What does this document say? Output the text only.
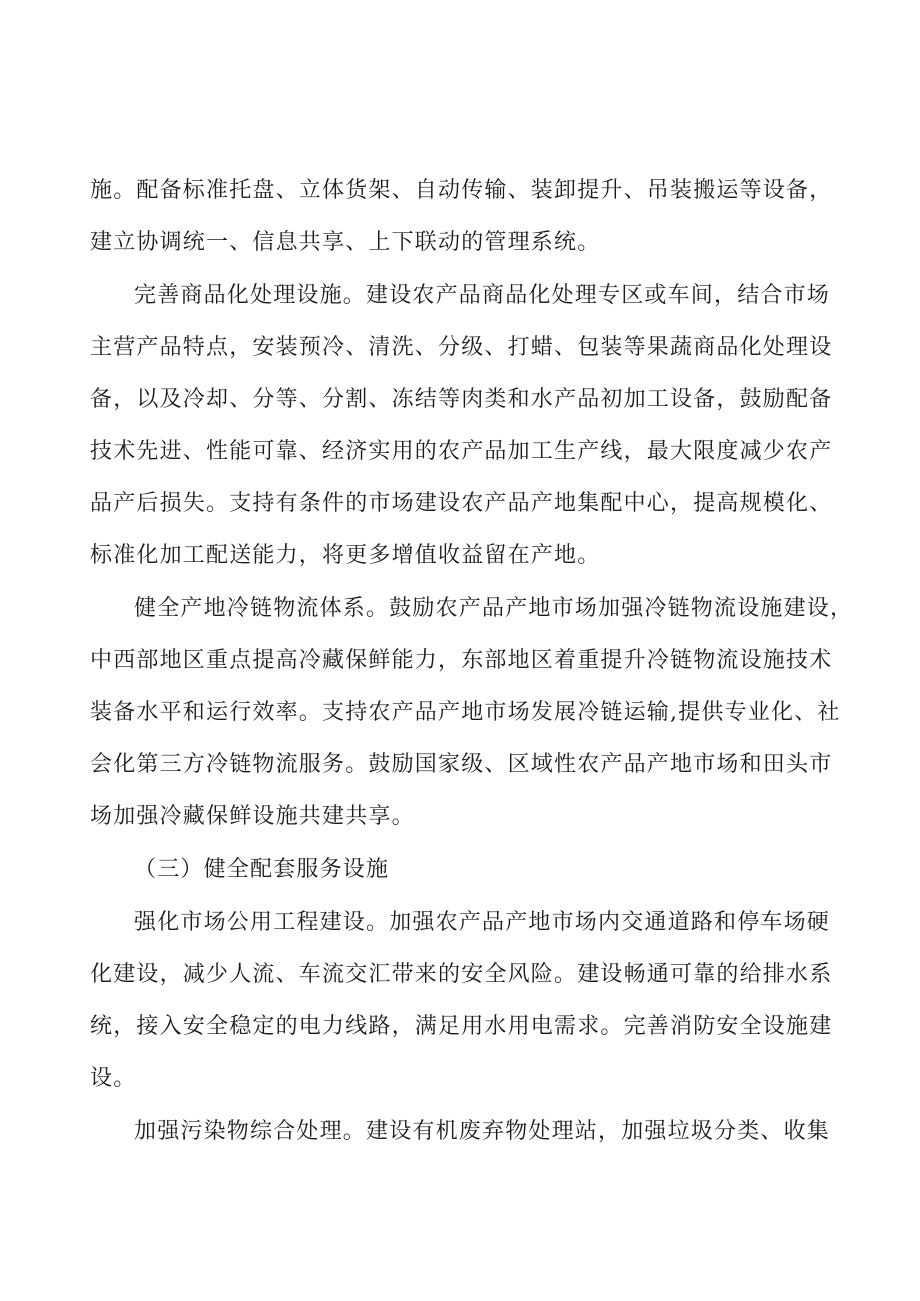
施。配备标准托盘、立体货架、自动传输、装卸提升、吊装搬运等设备，
建立协调统一、信息共享、上下联动的管理系统。
完善商品化处理设施。建设农产品商品化处理专区或车间，结合市场
主营产品特点，安装预冷、清洗、分级、打蜡、包装等果蔬商品化处理设
备，以及冷却、分等、分割、冻结等肉类和水产品初加工设备，鼓励配备
技术先进、性能可靠、经济实用的农产品加工生产线，最大限度减少农产
品产后损失。支持有条件的市场建设农产品产地集配中心，提高规模化、
标准化加工配送能力，将更多增值收益留在产地。
健全产地冷链物流体系。鼓励农产品产地市场加强冷链物流设施建设，
中西部地区重点提高冷藏保鲜能力，东部地区着重提升冷链物流设施技术
装备水平和运行效率。支持农产品产地市场发展冷链运输,提供专业化、社
会化第三方冷链物流服务。鼓励国家级、区域性农产品产地市场和田头市
场加强冷藏保鲜设施共建共享。
（三）健全配套服务设施
强化市场公用工程建设。加强农产品产地市场内交通道路和停车场硬
化建设，减少人流、车流交汇带来的安全风险。建设畅通可靠的给排水系
统，接入安全稳定的电力线路，满足用水用电需求。完善消防安全设施建
设。
加强污染物综合处理。建设有机废弃物处理站，加强垃圾分类、收集
